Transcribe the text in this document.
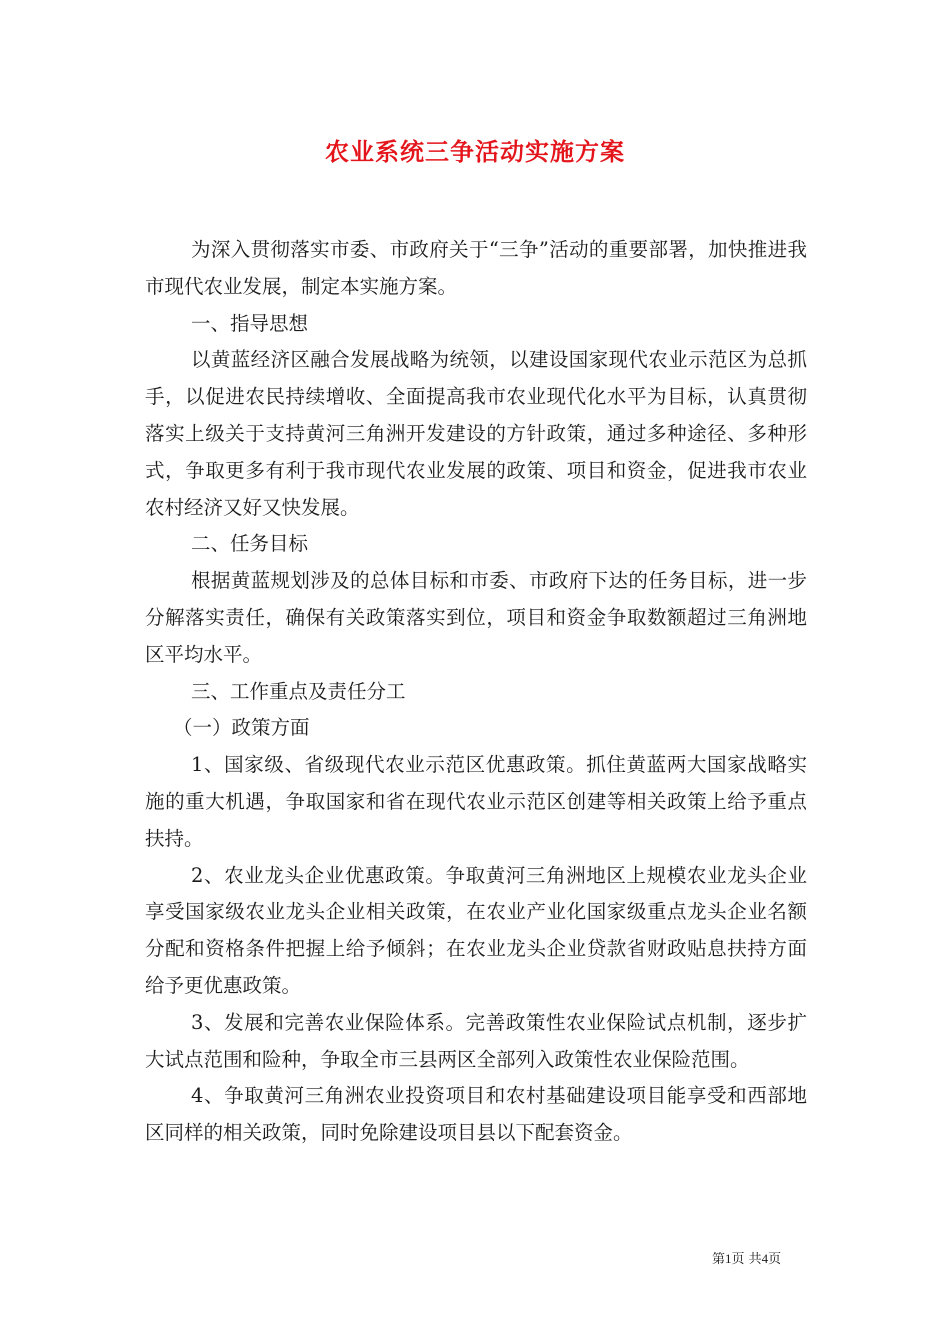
农业系统三争活动实施方案

为深入贯彻落实市委、市政府关于“三争”活动的重要部署，加快推进我市现代农业发展，制定本实施方案。

一、指导思想

以黄蓝经济区融合发展战略为统领，以建设国家现代农业示范区为总抓手，以促进农民持续增收、全面提高我市农业现代化水平为目标，认真贯彻落实上级关于支持黄河三角洲开发建设的方针政策，通过多种途径、多种形式，争取更多有利于我市现代农业发展的政策、项目和资金，促进我市农业农村经济又好又快发展。

二、任务目标

根据黄蓝规划涉及的总体目标和市委、市政府下达的任务目标，进一步分解落实责任，确保有关政策落实到位，项目和资金争取数额超过三角洲地区平均水平。

三、工作重点及责任分工

（一）政策方面

1、国家级、省级现代农业示范区优惠政策。抓住黄蓝两大国家战略实施的重大机遇，争取国家和省在现代农业示范区创建等相关政策上给予重点扶持。

2、农业龙头企业优惠政策。争取黄河三角洲地区上规模农业龙头企业享受国家级农业龙头企业相关政策，在农业产业化国家级重点龙头企业名额分配和资格条件把握上给予倾斜；在农业龙头企业贷款省财政贴息扶持方面给予更优惠政策。

3、发展和完善农业保险体系。完善政策性农业保险试点机制，逐步扩大试点范围和险种，争取全市三县两区全部列入政策性农业保险范围。

4、争取黄河三角洲农业投资项目和农村基础建设项目能享受和西部地区同样的相关政策，同时免除建设项目县以下配套资金。

第1页 共4页
